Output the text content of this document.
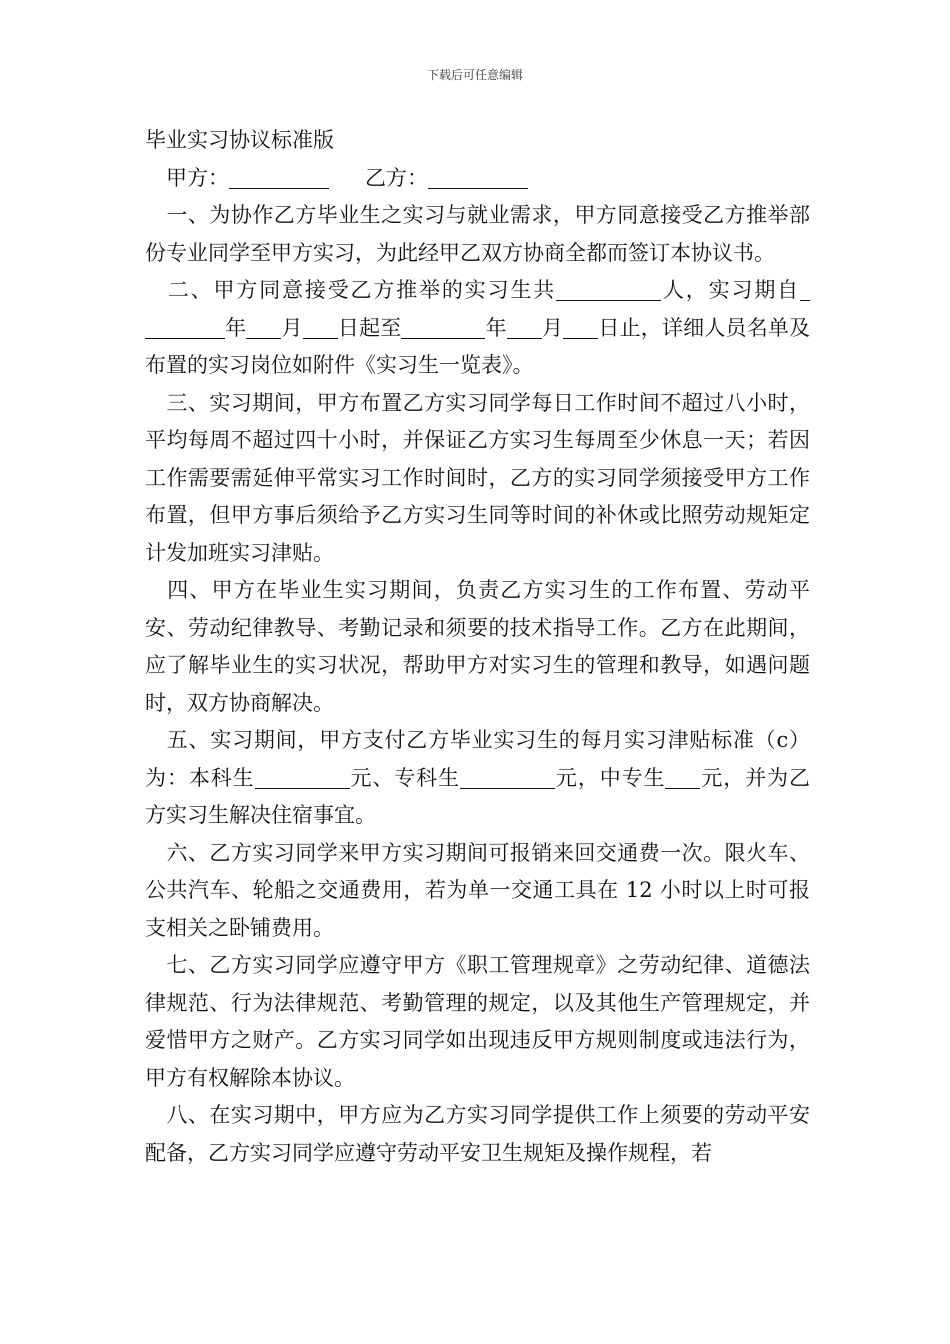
下载后可任意编辑

毕业实习协议标准版

甲方：	乙方：

 一、为协作乙方毕业生之实习与就业需求，甲方同意接受乙方推举部份专业同学至甲方实习，为此经甲乙双方协商全都而签订本协议书。

 二、甲方同意接受乙方推举的实习生共	人，实习期自年 月 日起至	年 月 日止，详细人员名单及布置的实习岗位如附件《实习生一览表》。

 三、实习期间，甲方布置乙方实习同学每日工作时间不超过八小时，平均每周不超过四十小时，并保证乙方实习生每周至少休息一天；若因工作需要需延伸平常实习工作时间时，乙方的实习同学须接受甲方工作布置，但甲方事后须给予乙方实习生同等时间的补休或比照劳动规矩定计发加班实习津贴。

 四、甲方在毕业生实习期间，负责乙方实习生的工作布置、劳动平安、劳动纪律教导、考勤记录和须要的技术指导工作。乙方在此期间，应了解毕业生的实习状况，帮助甲方对实习生的管理和教导，如遇问题时，双方协商解决。

 五、实习期间，甲方支付乙方毕业实习生的每月实习津贴标准（c）为：本科生	元、专科生	元，中专生 元，并为乙方实习生解决住宿事宜。

 六、乙方实习同学来甲方实习期间可报销来回交通费一次。限火车、公共汽车、轮船之交通费用，若为单一交通工具在 12 小时以上时可报支相关之卧铺费用。

 七、乙方实习同学应遵守甲方《职工管理规章》之劳动纪律、道德法律规范、行为法律规范、考勤管理的规定，以及其他生产管理规定，并爱惜甲方之财产。乙方实习同学如出现违反甲方规则制度或违法行为，甲方有权解除本协议。

 八、在实习期中，甲方应为乙方实习同学提供工作上须要的劳动平安配备，乙方实习同学应遵守劳动平安卫生规矩及操作规程，若
